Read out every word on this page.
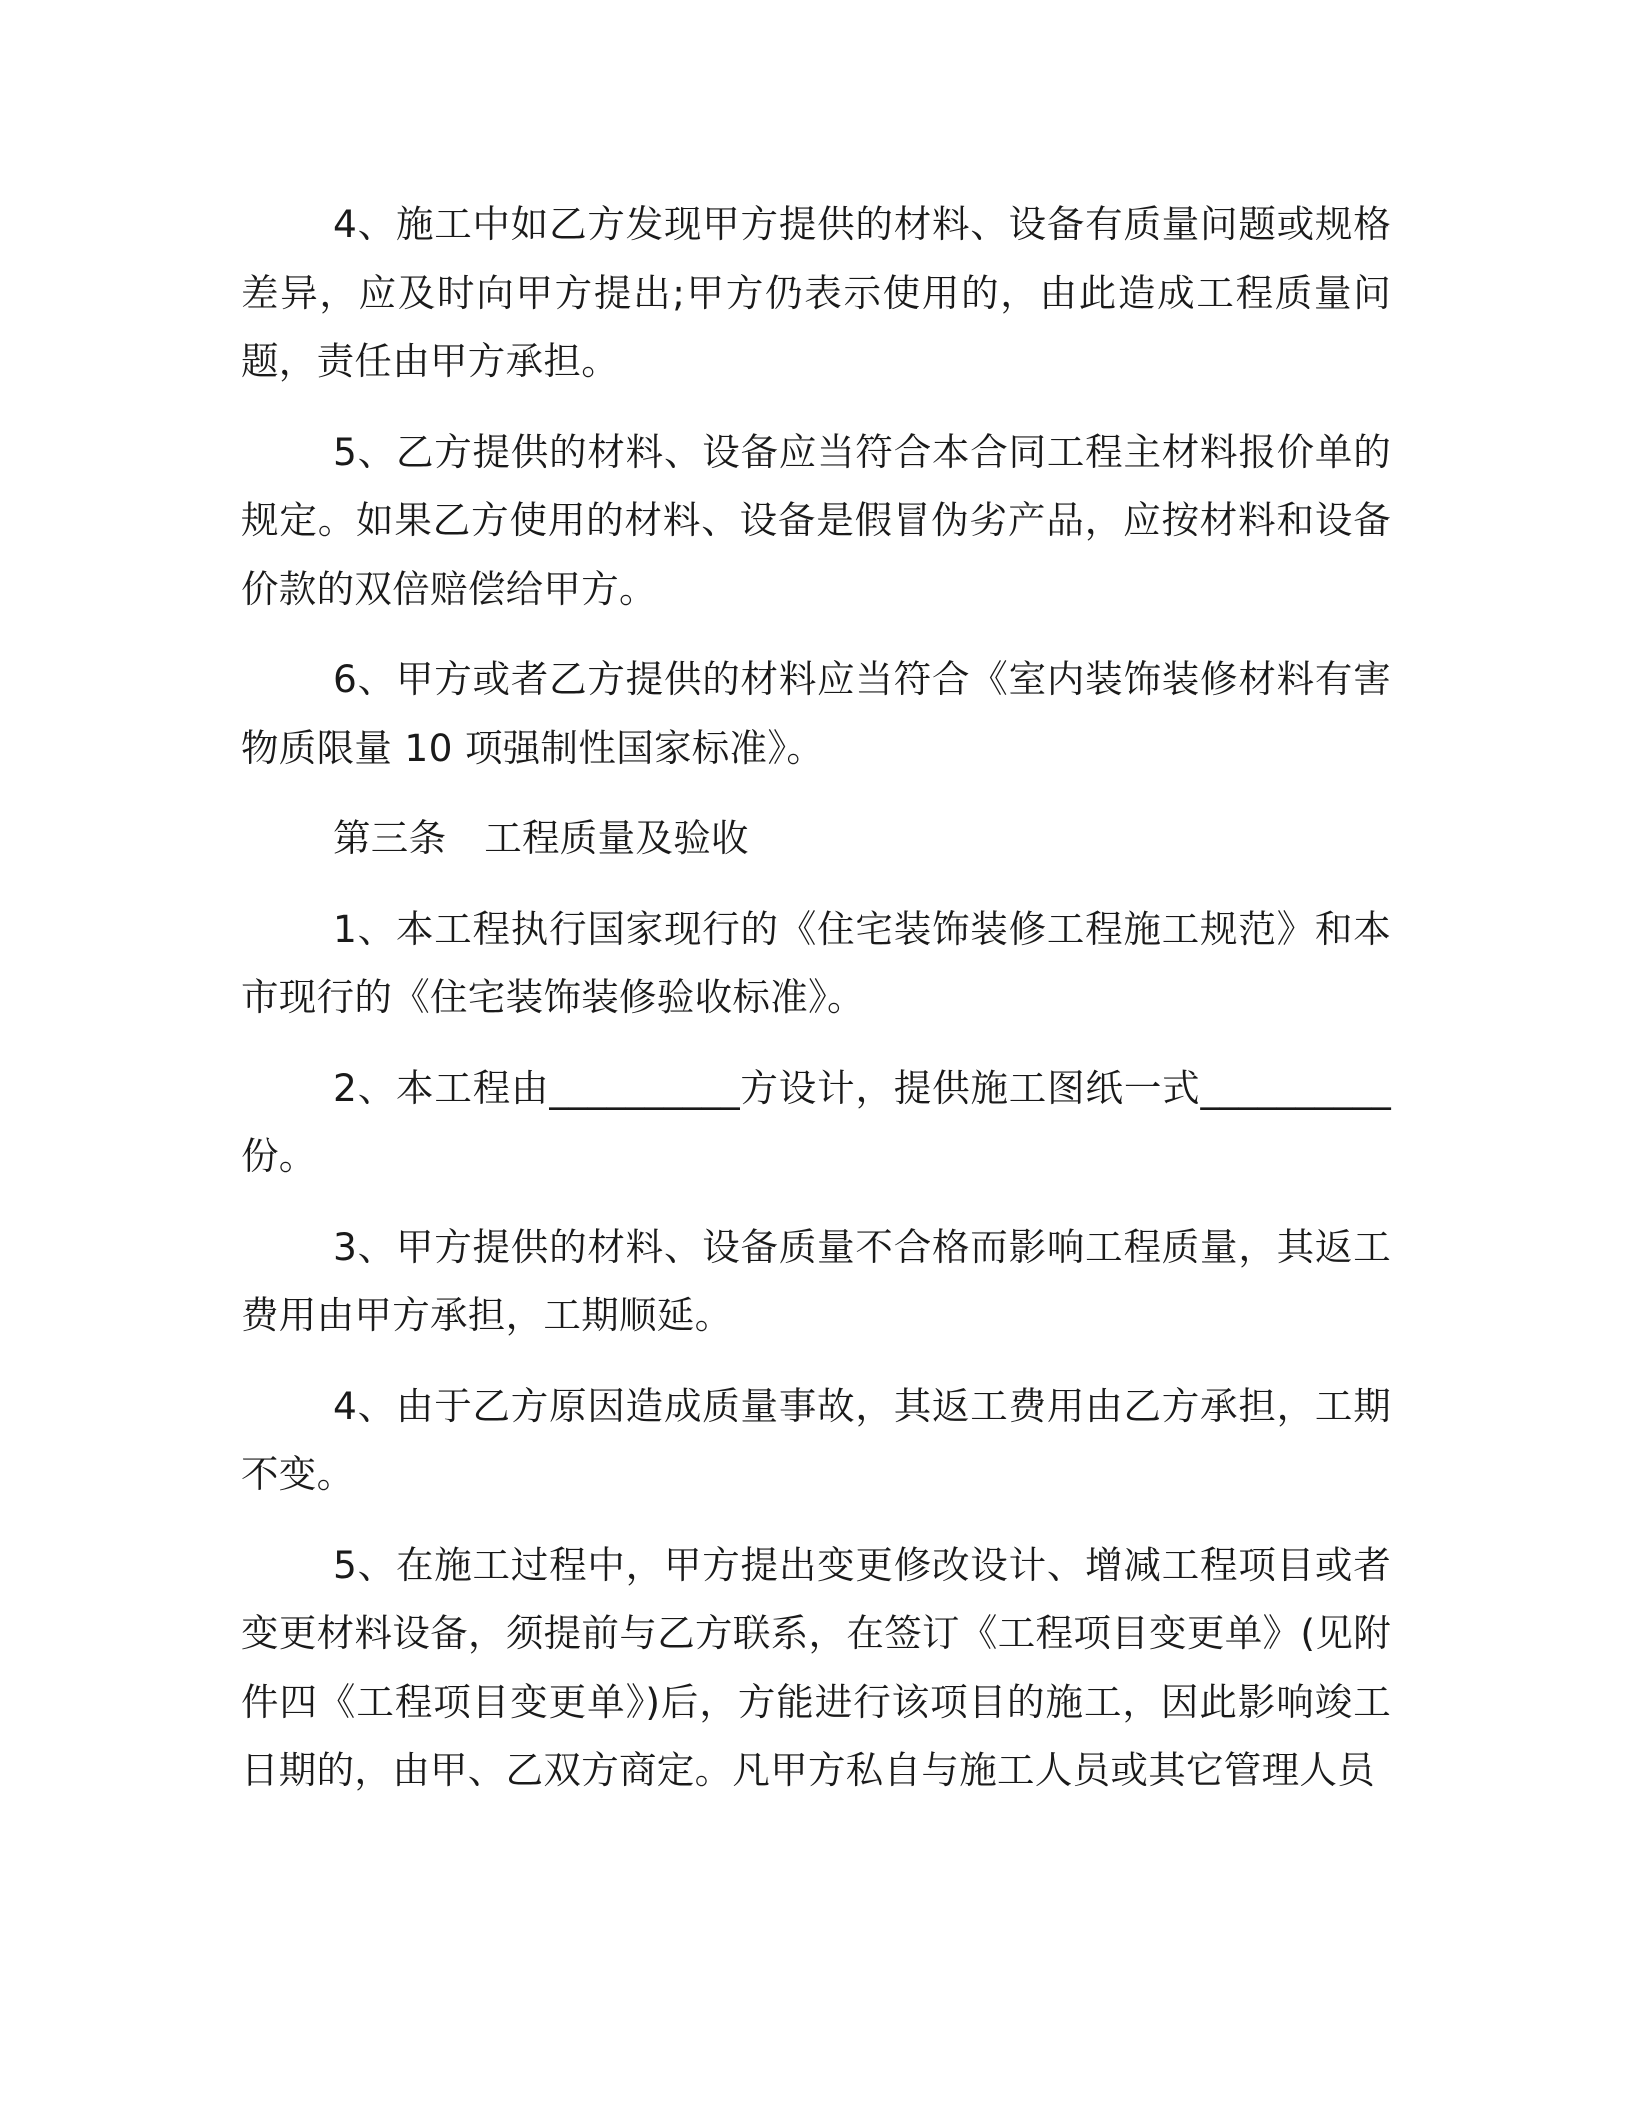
4、施工中如乙方发现甲方提供的材料、设备有质量问题或规格差异，应及时向甲方提出;甲方仍表示使用的，由此造成工程质量问题，责任由甲方承担。

5、乙方提供的材料、设备应当符合本合同工程主材料报价单的规定。如果乙方使用的材料、设备是假冒伪劣产品，应按材料和设备价款的双倍赔偿给甲方。

6、甲方或者乙方提供的材料应当符合《室内装饰装修材料有害物质限量 10 项强制性国家标准》。

第三条　工程质量及验收

1、本工程执行国家现行的《住宅装饰装修工程施工规范》和本市现行的《住宅装饰装修验收标准》。

2、本工程由__________方设计，提供施工图纸一式__________份。

3、甲方提供的材料、设备质量不合格而影响工程质量，其返工费用由甲方承担，工期顺延。

4、由于乙方原因造成质量事故，其返工费用由乙方承担，工期不变。

5、在施工过程中，甲方提出变更修改设计、增减工程项目或者变更材料设备，须提前与乙方联系，在签订《工程项目变更单》(见附件四《工程项目变更单》)后，方能进行该项目的施工，因此影响竣工日期的，由甲、乙双方商定。凡甲方私自与施工人员或其它管理人员
